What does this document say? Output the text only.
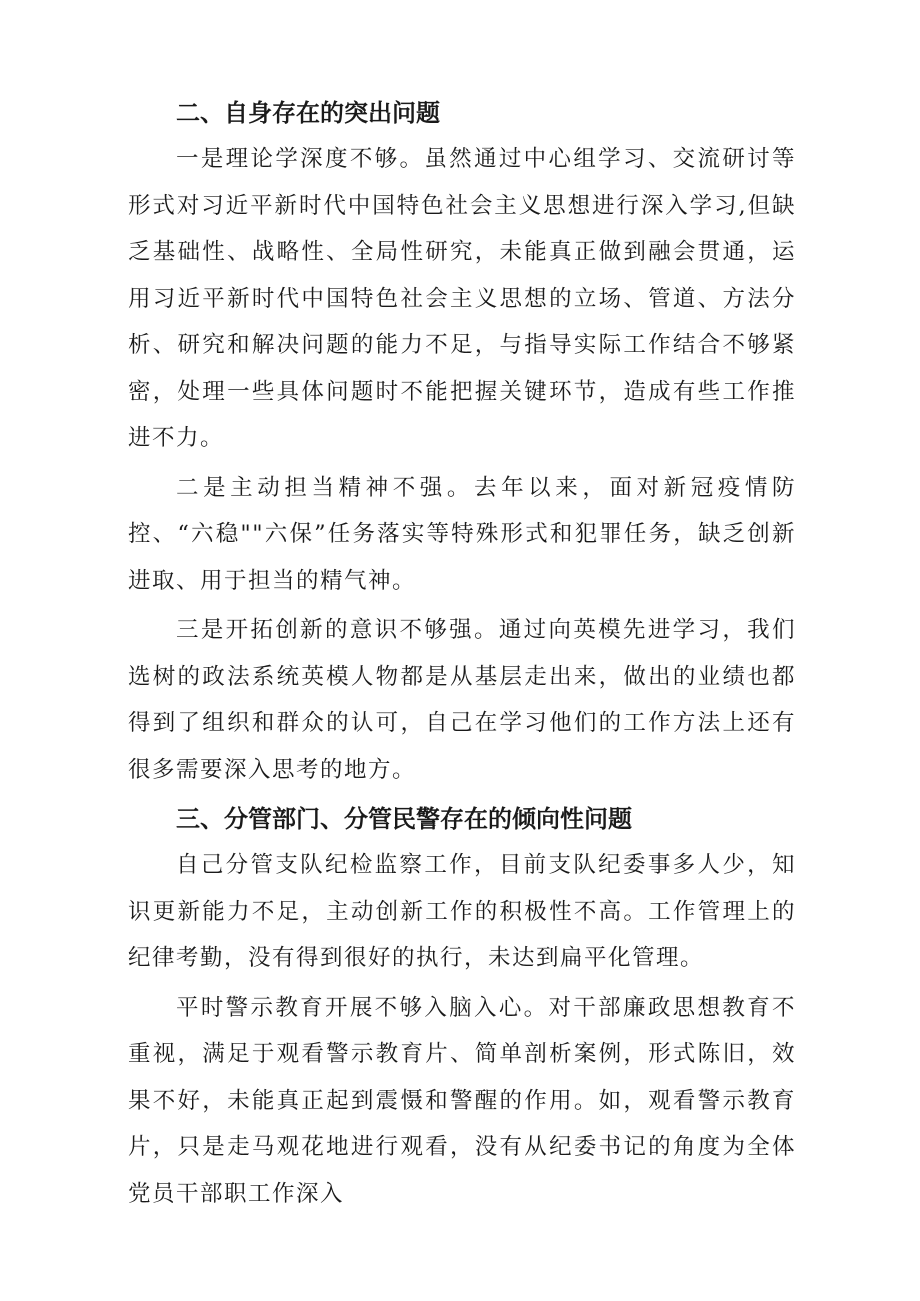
二、自身存在的突出问题

一是理论学深度不够。虽然通过中心组学习、交流研讨等形式对习近平新时代中国特色社会主义思想进行深入学习,但缺乏基础性、战略性、全局性研究，未能真正做到融会贯通，运用习近平新时代中国特色社会主义思想的立场、管道、方法分析、研究和解决问题的能力不足，与指导实际工作结合不够紧密，处理一些具体问题时不能把握关键环节，造成有些工作推进不力。

二是主动担当精神不强。去年以来，面对新冠疫情防控、“六稳""六保”任务落实等特殊形式和犯罪任务，缺乏创新进取、用于担当的精气神。

三是开拓创新的意识不够强。通过向英模先进学习，我们选树的政法系统英模人物都是从基层走出来，做出的业绩也都得到了组织和群众的认可，自己在学习他们的工作方法上还有很多需要深入思考的地方。

三、分管部门、分管民警存在的倾向性问题

自己分管支队纪检监察工作，目前支队纪委事多人少，知识更新能力不足，主动创新工作的积极性不高。工作管理上的纪律考勤，没有得到很好的执行，未达到扁平化管理。

平时警示教育开展不够入脑入心。对干部廉政思想教育不重视，满足于观看警示教育片、简单剖析案例，形式陈旧，效果不好，未能真正起到震慑和警醒的作用。如，观看警示教育片，只是走马观花地进行观看，没有从纪委书记的角度为全体党员干部职工作深入
